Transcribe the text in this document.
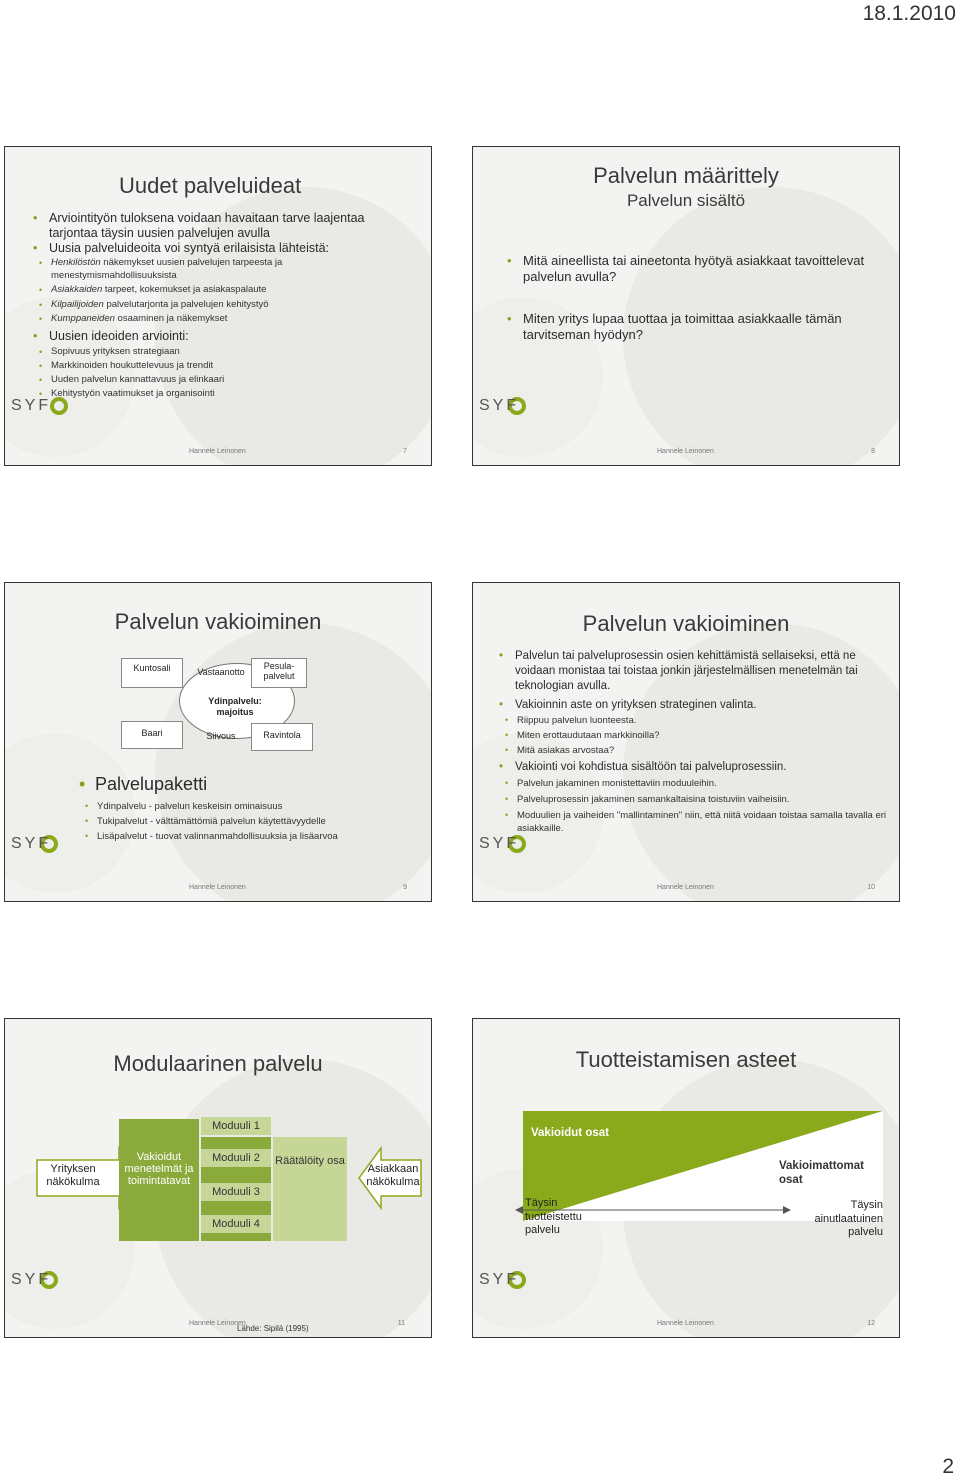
18.1.2010
Uudet palveluideat
• Arviointityön tuloksena voidaan havaitaan tarve laajentaa tarjontaa täysin uusien palvelujen avulla
• Uusia palveluideoita voi syntyä erilaisista lähteistä:
• Henkilöstön näkemykset uusien palvelujen tarpeesta ja menestymismahdollisuuksista
• Asiakkaiden tarpeet, kokemukset ja asiakaspalaute
• Kilpailijoiden palvelutarjonta ja palvelujen kehitystyö
• Kumppaneiden osaaminen ja näkemykset
• Uusien ideoiden arviointi:
• Sopivuus yrityksen strategiaan
• Markkinoiden houkuttelevuus ja trendit
• Uuden palvelun kannattavuus ja elinkaari
• Kehitystyön vaatimukset ja organisointi
SYF
Hannele Leinonen	7
Palvelun määrittely
Palvelun sisältö
• Mitä aineellista tai aineetonta hyötyä asiakkaat tavoittelevat palvelun avulla?
• Miten yritys lupaa tuottaa ja toimittaa asiakkaalle tämän tarvitseman hyödyn?
SYF
Hannele Leinonen	8
Palvelun vakioiminen
Ydinpalvelu: majoitus
Kuntosali	Vastaanotto
Pesula-palvelut
Baari	Siivous	Ravintola
• Palvelupaketti
• Ydinpalvelu - palvelun keskeisin ominaisuus
• Tukipalvelut - välttämättömiä palvelun käytettävyydelle
• Lisäpalvelut - tuovat valinnanmahdollisuuksia ja lisäarvoa
SYF
Hannele Leinonen	9
Palvelun vakioiminen
• Palvelun tai palveluprosessin osien kehittämistä sellaiseksi, että ne voidaan monistaa tai toistaa jonkin järjestelmällisen menetelmän tai teknologian avulla.
• Vakioinnin aste on yrityksen strateginen valinta.
• Riippuu palvelun luonteesta.
• Miten erottaudutaan markkinoilla?
• Mitä asiakas arvostaa?
• Vakiointi voi kohdistua sisältöön tai palveluprosessiin.
• Palvelun jakaminen monistettaviin moduuleihin.
• Palveluprosessin jakaminen samankaltaisina toistuviin vaiheisiin.
• Moduulien ja vaiheiden "mallintaminen" niin, että niitä voidaan toistaa samalla tavalla eri asiakkaille.
SYF
Hannele Leinonen	10
Modulaarinen palvelu
Yrityksen näkökulma
Vakioidut menetelmät ja toimintatavat
Moduuli 1
Moduuli 2
Moduuli 3
Moduuli 4
Räätälöity osa
Asiakkaan näkökulma
SYF
Hannele Leinonen
Lähde: Sipilä (1995)
11
Tuotteistamisen asteet
Vakioidut osat
Vakioimattomat osat
Täysin tuotteistettu palvelu
Täysin ainutlaatuinen palvelu
SYF
Hannele Leinonen	12
2
